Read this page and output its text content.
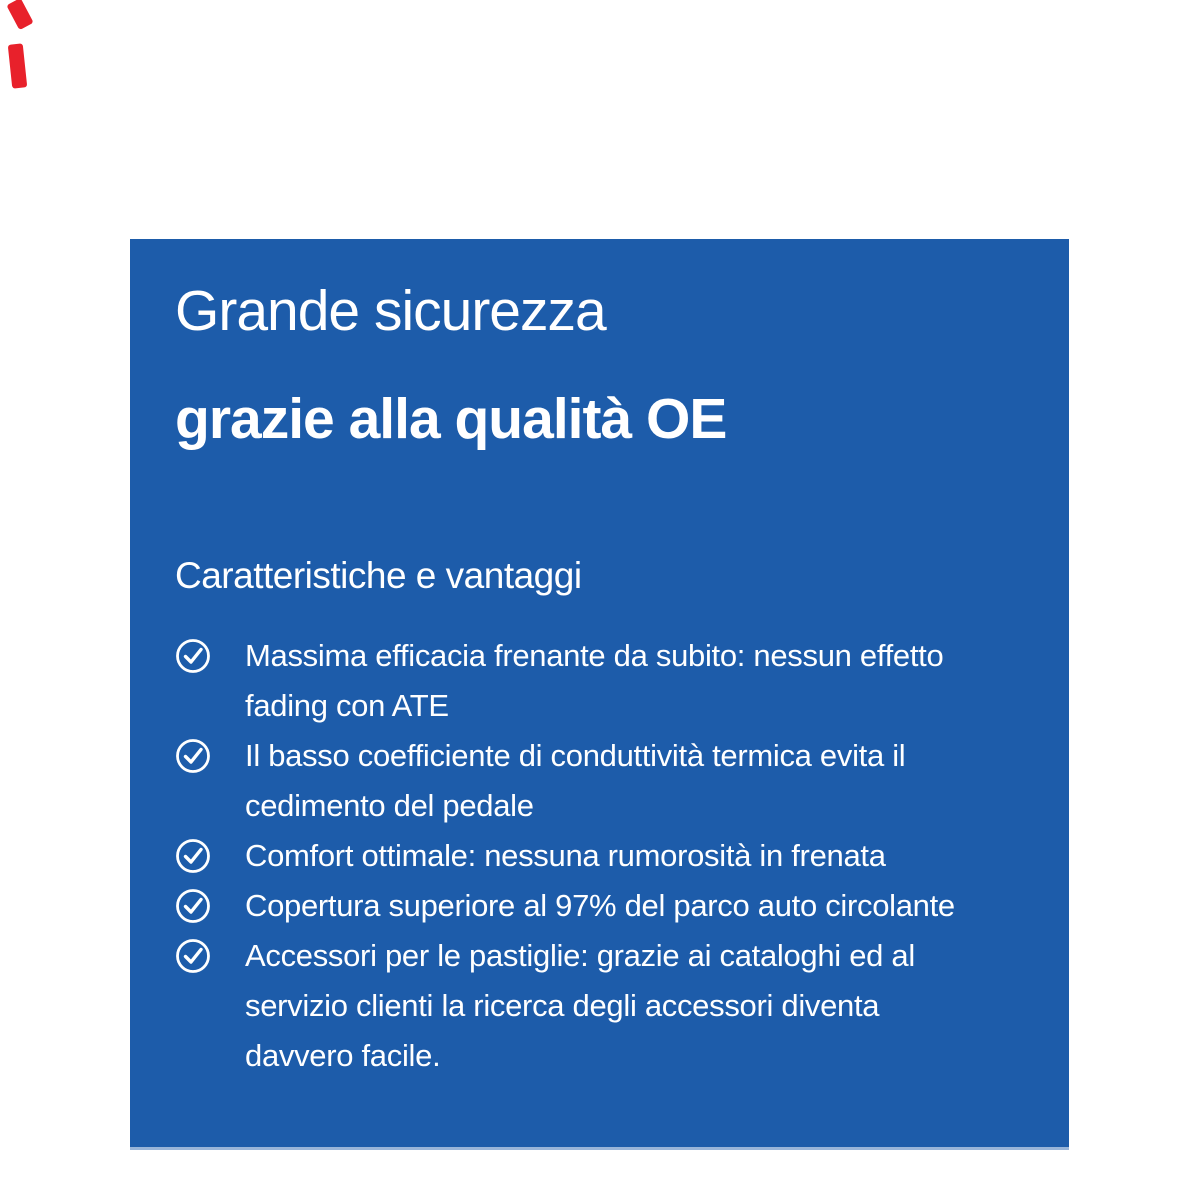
Grande sicurezza
grazie alla qualità OE
Caratteristiche e vantaggi
Massima efficacia frenante da subito: nessun effetto
fading con ATE
Il basso coefficiente di conduttività termica evita il
cedimento del pedale
Comfort ottimale: nessuna rumorosità in frenata
Copertura superiore al 97% del parco auto circolante
Accessori per le pastiglie: grazie ai cataloghi ed al
servizio clienti la ricerca degli accessori diventa
davvero facile.
